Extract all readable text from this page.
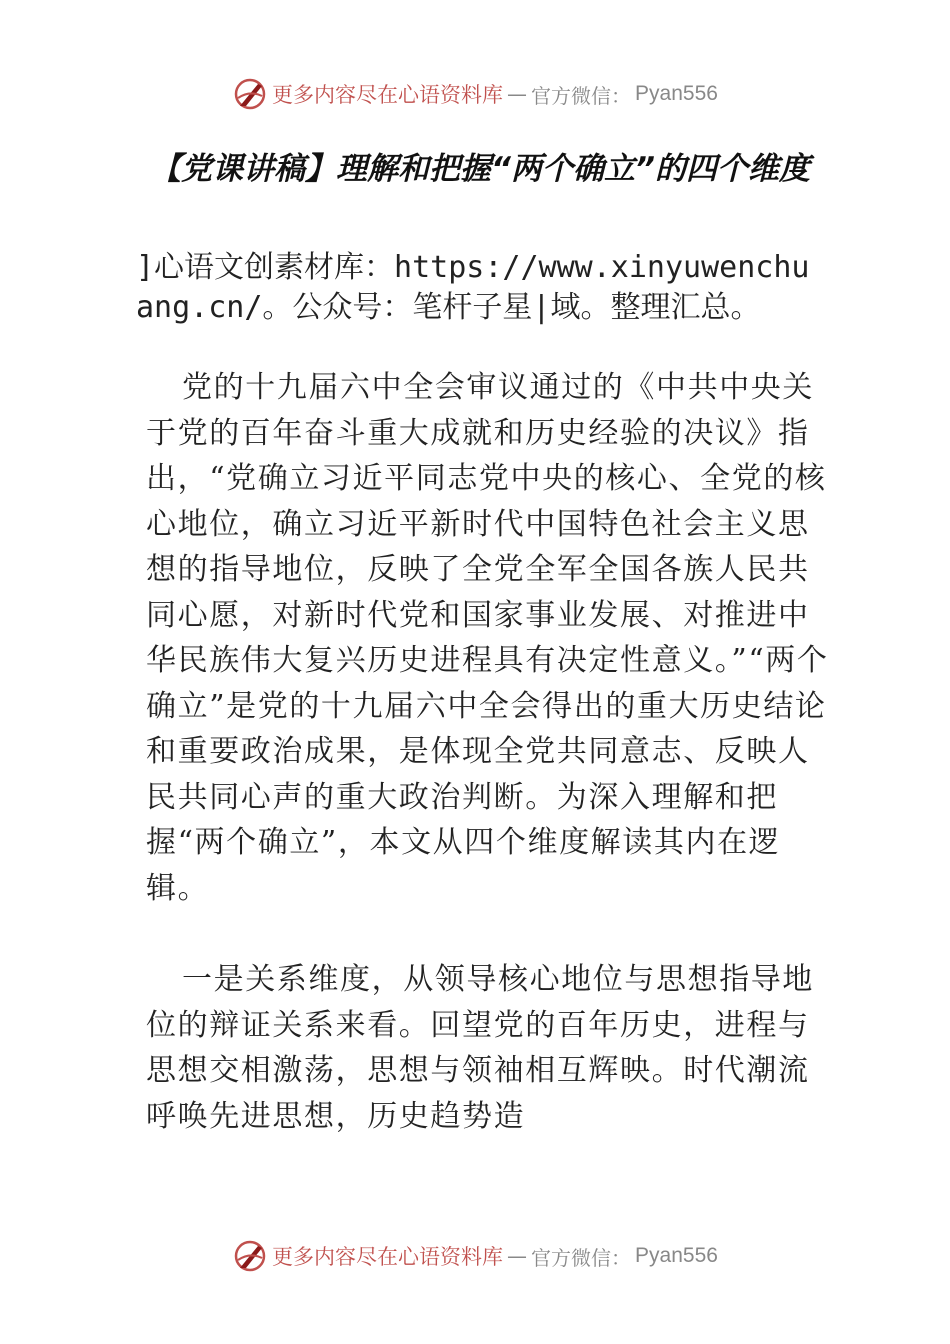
更多内容尽在心语资料库 — 官方微信： Pyan556
【党课讲稿】理解和把握“两个确立”的四个维度

]心语文创素材库：https://www.xinyuwenchuang.cn/。公众号：笔杆子星|域。整理汇总。

党的十九届六中全会审议通过的《中共中央关于党的百年奋斗重大成就和历史经验的决议》指出，“党确立习近平同志党中央的核心、全党的核心地位，确立习近平新时代中国特色社会主义思想的指导地位，反映了全党全军全国各族人民共同心愿，对新时代党和国家事业发展、对推进中华民族伟大复兴历史进程具有决定性意义。”“两个确立”是党的十九届六中全会得出的重大历史结论和重要政治成果，是体现全党共同意志、反映人民共同心声的重大政治判断。为深入理解和把握“两个确立”，本文从四个维度解读其内在逻辑。

一是关系维度，从领导核心地位与思想指导地位的辩证关系来看。回望党的百年历史，进程与思想交相激荡，思想与领袖相互辉映。时代潮流呼唤先进思想，历史趋势造

更多内容尽在心语资料库 — 官方微信： Pyan556
